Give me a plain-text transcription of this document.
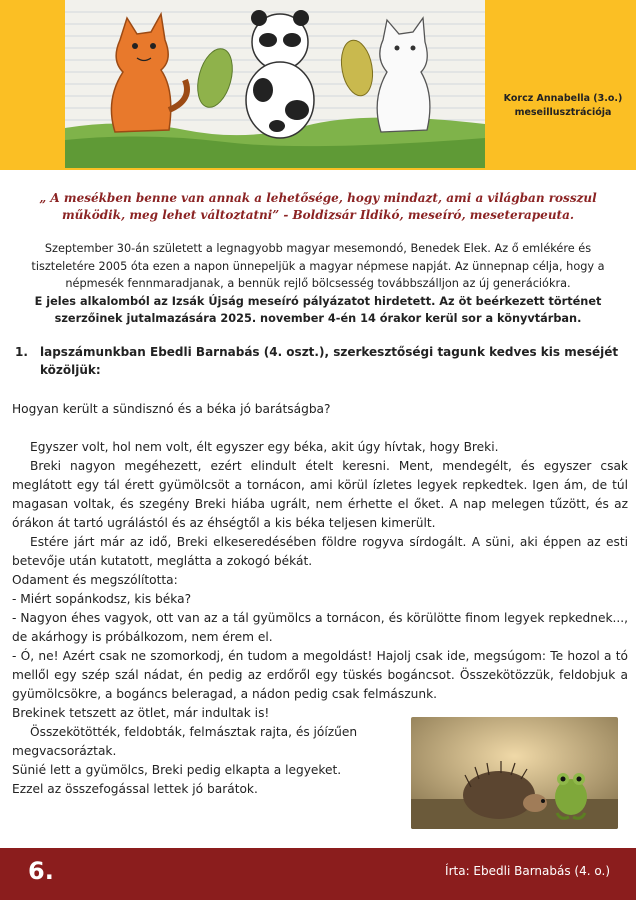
Korcz Annabella (3.o.)
meseillusztrációja
„ A mesékben benne van annak a lehetősége, hogy mindazt, ami a világban rosszul működik, meg lehet változtatni” - Boldizsár Ildikó, meseíró, meseterapeuta.
Szeptember 30-án született a legnagyobb magyar mesemondó, Benedek Elek. Az ő emlékére és tiszteletére 2005 óta ezen a napon ünnepeljük a magyar népmese napját. Az ünnepnap célja, hogy a népmesék fennmaradjanak, a bennük rejlő bölcsesség továbbszálljon az új generációkra.
E jeles alkalomból az Izsák Újság meseíró pályázatot hirdetett. Az öt beérkezett történet szerzőinek jutalmazására 2025. november 4-én 14 órakor kerül sor a könyvtárban.
1.	lapszámunkban Ebedli Barnabás (4. oszt.), szerkesztőségi tagunk kedves kis meséjét közöljük:

Hogyan került a sündisznó és a béka jó barátságba?

Egyszer volt, hol nem volt, élt egyszer egy béka, akit úgy hívtak, hogy Breki.

Breki nagyon megéhezett, ezért elindult ételt keresni. Ment, mendegélt, és egyszer csak meglátott egy tál érett gyümölcsöt a tornácon, ami körül ízletes legyek repkedtek. Igen ám, de túl magasan voltak, és szegény Breki hiába ugrált, nem érhette el őket. A nap melegen tűzött, és az órákon át tartó ugrálástól és az éhségtől a kis béka teljesen kimerült.

Estére járt már az idő, Breki elkeseredésében földre rogyva sírdogált. A süni, aki éppen az esti betevője után kutatott, meglátta a zokogó békát.

Odament és megszólította:

- Miért sopánkodsz, kis béka?

- Nagyon éhes vagyok, ott van az a tál gyümölcs a tornácon, és körülötte finom legyek repkednek..., de akárhogy is próbálkozom, nem érem el.

- Ó, ne! Azért csak ne szomorkodj, én tudom a megoldást! Hajolj csak ide, megsúgom: Te hozol a tó mellől egy szép szál nádat, én pedig az erdőről egy tüskés bogáncsot. Összekötözzük, feldobjuk a gyümölcsökre, a bogáncs beleragad, a nádon pedig csak felmászunk.

Brekinek tetszett az ötlet, már indultak is!

Összekötötték, feldobták, felmásztak rajta, és jóízűen megvacsoráztak.

Sünié lett a gyümölcs, Breki pedig elkapta a legyeket. Ezzel az összefogással lettek jó barátok.

6.	Írta: Ebedli Barnabás (4. o.)
